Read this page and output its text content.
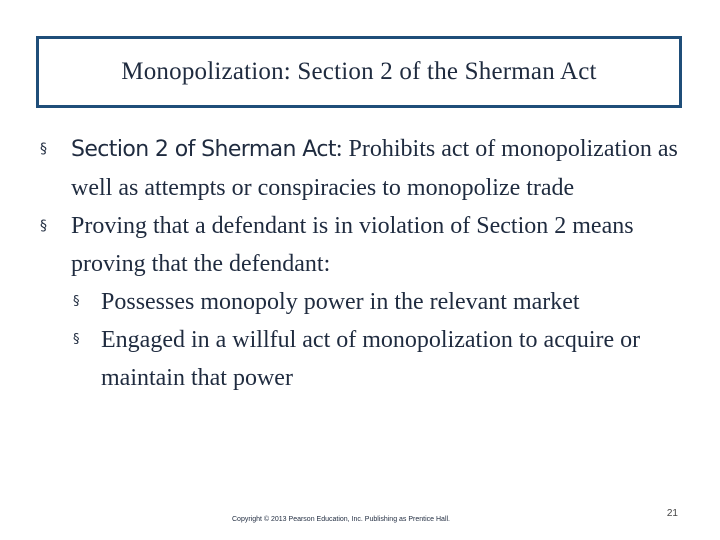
Monopolization: Section 2 of the Sherman Act

§ Section 2 of Sherman Act: Prohibits act of monopolization as well as attempts or conspiracies to monopolize trade

§ Proving that a defendant is in violation of Section 2 means proving that the defendant:

§ Possesses monopoly power in the relevant market

§ Engaged in a willful act of monopolization to acquire or maintain that power

Copyright © 2013 Pearson Education, Inc. Publishing as Prentice Hall.
21
